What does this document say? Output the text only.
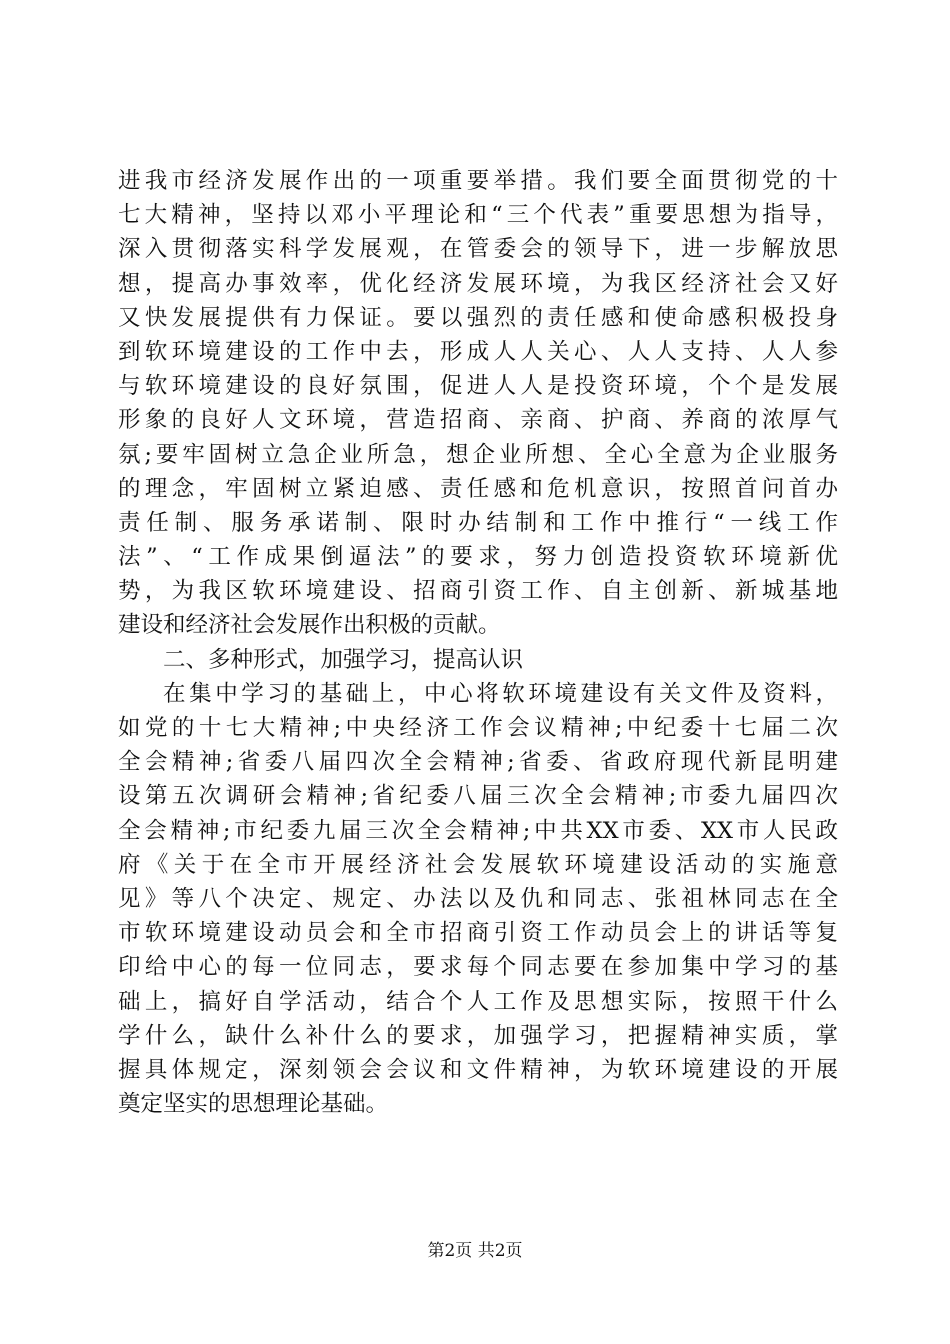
进我市经济发展作出的一项重要举措。我们要全面贯彻党的十
七大精神，坚持以邓小平理论和“三个代表”重要思想为指导，
深入贯彻落实科学发展观，在管委会的领导下，进一步解放思
想，提高办事效率，优化经济发展环境，为我区经济社会又好
又快发展提供有力保证。要以强烈的责任感和使命感积极投身
到软环境建设的工作中去，形成人人关心、人人支持、人人参
与软环境建设的良好氛围，促进人人是投资环境，个个是发展
形象的良好人文环境，营造招商、亲商、护商、养商的浓厚气
氛;要牢固树立急企业所急，想企业所想、全心全意为企业服务
的理念，牢固树立紧迫感、责任感和危机意识，按照首问首办
责任制、服务承诺制、限时办结制和工作中推行“一线工作
法”、“工作成果倒逼法”的要求，努力创造投资软环境新优
势，为我区软环境建设、招商引资工作、自主创新、新城基地
建设和经济社会发展作出积极的贡献。
二、多种形式，加强学习，提高认识
在集中学习的基础上，中心将软环境建设有关文件及资料，
如党的十七大精神;中央经济工作会议精神;中纪委十七届二次
全会精神;省委八届四次全会精神;省委、省政府现代新昆明建
设第五次调研会精神;省纪委八届三次全会精神;市委九届四次
全会精神;市纪委九届三次全会精神;中共XX市委、XX市人民政
府《关于在全市开展经济社会发展软环境建设活动的实施意
见》等八个决定、规定、办法以及仇和同志、张祖林同志在全
市软环境建设动员会和全市招商引资工作动员会上的讲话等复
印给中心的每一位同志，要求每个同志要在参加集中学习的基
础上，搞好自学活动，结合个人工作及思想实际，按照干什么
学什么，缺什么补什么的要求，加强学习，把握精神实质，掌
握具体规定，深刻领会会议和文件精神，为软环境建设的开展
奠定坚实的思想理论基础。
第2页 共2页
